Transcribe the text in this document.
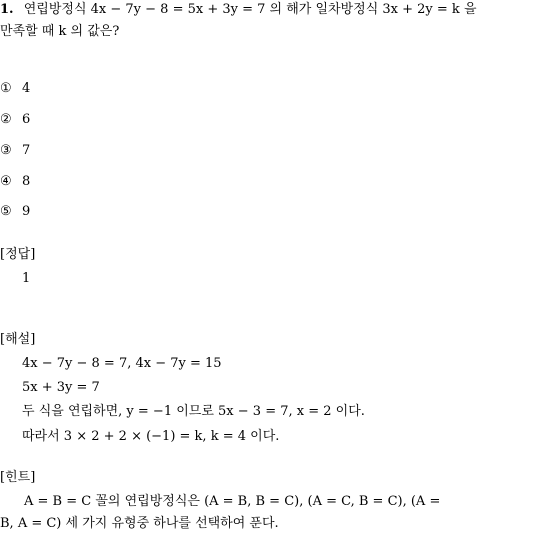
1. 연립방정식 4x − 7y − 8 = 5x + 3y = 7 의 해가 일차방정식 3x + 2y = k 을
만족할 때 k 의 값은?
① 4
② 6
③ 7
④ 8
⑤ 9
[정답]
1
[해설]
4x − 7y − 8 = 7, 4x − 7y = 15
5x + 3y = 7
두 식을 연립하면, y = −1 이므로 5x − 3 = 7, x = 2 이다.
따라서 3 × 2 + 2 × (−1) = k, k = 4 이다.
[힌트]
A = B = C 꼴의 연립방정식은 (A = B, B = C), (A = C, B = C), (A =
B, A = C) 세 가지 유형중 하나를 선택하여 푼다.
